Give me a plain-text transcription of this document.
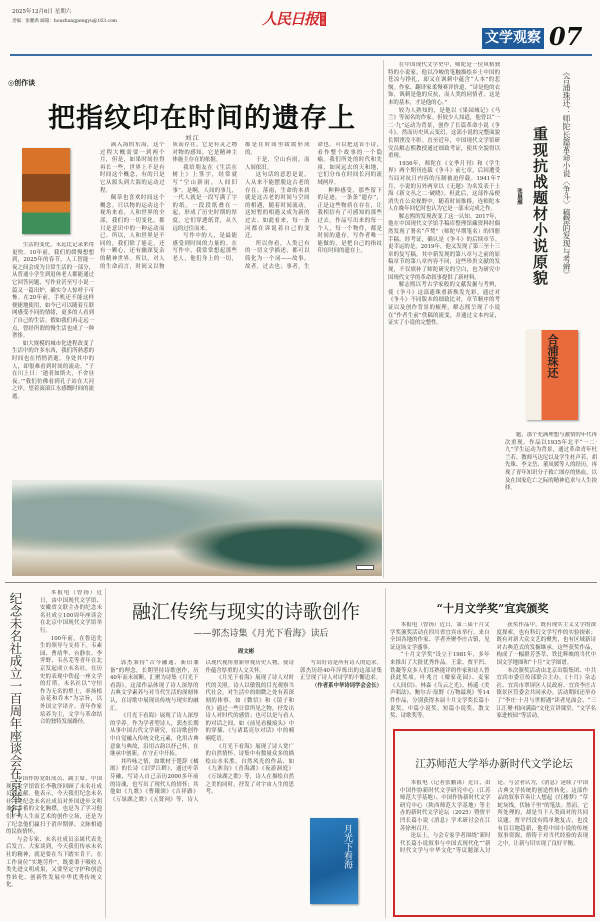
2025年12月6日 星期六
责编：张鹏禹 邮箱：houzhangpengyu@163.com	人民日报 海外版
文学观察 07
◎创作谈
把指纹印在时间的遗存上
刘 江

满入海的东海，这个过程大概需要一到两个月，但是，如果时间拉得再长一些，世界上不是有时间这个概念，有的只是它从源头到大海的运动过程。

佩蒂也喜欢时间这个概念。只以物的运动这个视角来看，人和世界的全部，我们的一切变化，都只是意识中的一种运动而已。所以，人和世界是不同的，我们除了能走，还有一颗心，还有幽深复杂的精神世界。所以，对人的生命而言，时间又以物质而存在，它是有灵之物对物的感知，它是精神主体施主存在的依据。

我给朋友在《生活在树上》上签字，经常就写“空山新雨，人间旧事”。是啊，人间的事儿，一代人就是一段写满了字的纸。一段段纸叠在一起，形成了历史时期的厚度，它们穿透纸背，从久远的过往而来。

写作中的人，是最能感受到时间的力量的。在写作中，我常常想起那些老人，他们身上的一切，都是在时间里缓缓形成的。

于是，空山有雨，而人间依旧。

这句话的意思是说，人从来不能摆脱这古老的存在。落雨，生命的本质就是这古老的时间与空间的相遇，随着时间流动，这短暂的相遇又成为新的过去。如此看来，每一条河都在诉说着自己的变迁。

所以你看，人类已有的一切文学描述，都可以简化为一个词——故事。故者，过去也；事者，生命也。可以把这首小诗，看作整个故事的一个隐喻。我们所处的时代和先祖，如同远去的天和地，它们分布在时间长河的流域两岸。

种种感受，那些留下的足迹，一条条“遗存”，正是这些物质在存在，让我相信有了可感知的那些过去。作品写出来的每一个人，每一个物件，都是时间的遗存，写作者唯一能做的，是把自己的指纹印在时间的遗存上。

生活的变化，永远比记录来得更快。10年前，我们的缓慢想想到，2025年的春节，人工智能一夜之间会成为日常生活的一部分，从普通小学生到退休老人都能通过它回答问题、写作业甚至写小说一篇又一篇出炉，确实令人惊呼于可怖。在20年前，手机还不能这样便捷地使用，如今已可以随着互联网感受不同的情绪，更多的人看到了自己的生活。假如我们再走远一点，曾经所谓的慢生活也成了一种奢侈。

如大规模的城市化进程改变了生活中的许多东西，我们所熟悉的时间也在悄悄消逝。身处其中的人，却很难看到时间的流动。“子在川上曰：‘逝者如斯夫，不舍昼夜。’”我们仿佛看到孔子站在大河之岸，望着滚滚江水感慨时间的流逝。

在中国现代文学史中，师陀是一位风格独特的小说家。他以冷峻的笔触描绘乡土中国的苍凉与挣扎，却又在讽刺中蕴含“人本”的悲悯。作家、翻译家柔慢赛评价道，“诗是他的衣饰，讽刺是他的反抗，而人类的同情者，这是本的基本，才是他的心。”

较为人熟知的，是他以《果园城记》《马兰》等闻名的作家。但较少人知道，他曾以“一二·九”运动为背景，创作了长篇革命小说《争斗》。然而历史风云变幻，这部小说的完整面貌长期湮没不彰。直至近年，中国现代文学馆研究员解志熙教授通过细致考证，使其全貌得以重现。

1936年，师陀在《文季月刊》和《学生界》两个期刊连载《争斗》前七章，后因遭受当局对抗日内容的压制被迫停载。1941年7月，小说的另外两章以《无题》为名发表于上海《新文丛之二·破晓》。但此后，这部作品便消失在公众视野中，随着时间推移，连师陀本人在晚年回忆时也认为它是一部未完成之作。

解志熙的发现改变了这一认知。2017年，他在中国现代文学馆手稿库整理馆藏资料时偶然发现了署名“芦焚”（师陀早期笔名）的四册手稿。经考证，确认是《争斗》的后续章节。更幸运的是，2019年，他又发现了第三至十三章的复写稿。其中新发现的第八章与之前的原稿章节的第八章内容不同，这些珍贵文献的发现，不仅填补了师陀研究的空白，也为研究中国现代文学的革命叙事提供了新材料。

解志熙以考古学家般的文献发掘与考辨，使《争斗》这部遗珠重新焕发光彩。通过对《争斗》不同版本的细致比对，章节顺序的考证以及创作背景的梳理，解志熙呈现了小说在“作者生前”佚稿的流变，并通过文本内证，证实了小说的完整性。

重现抗战题材小说原貌
张晨雁	《合浦珠还：师陀长篇革命小说〈争斗〉稿整的发现与考辨》
合浦珠还

题，那个充满理想与激情的年代再次重现。作品以1935年北平“一二·九”学生运动为背景，通过革命青年杜兰若、教师马达尼以及学生杜声若、胡先珠、李文岳、董凤媛等人的经历，再现了青年知识分子救亡图存的热血，以及在国家危亡之际的精神追求与人生抉择。

纪念未名社成立一百周年座谈会在京举行	本报电（曾扬）近日，由中国现代文学馆、安徽省文联主办的纪念未名社成立100周年座谈会在北京中国现代文学馆举行。

100年前，在鲁迅先生的领导与支持下，韦素园、曹靖华、台静农、李霁野、韦丛芜等青年在北京发起成立未名社。在历史的表现中铁起一座文学的灯塔。未名社以“守恒作为无名的犁土，率扬植杂花和乔木”为宗旨，以外国文学译介、青年作家培养为主，文学与革命结合的独特发展路径。

中国作协党组成员、副主席、中国现代文学馆馆长李敬泽回顾了未名社成员的贡献。他表示，今天我们纪念未名社，是纪念未名社成员对外国进步文明兼容并蓄的文化胸襟，也是为了学习他们扩为人生而艺术的创作立场，还是为了纪念他们赢扫于消岸期弹、文脉相通的民族情怀。

与会专家、未名社成员亲属代表先后发言。大家谈到，今天我们传承未名社的精神，就是要在当下踏实肯干，在工作岗位“实地劳作”，既要秉于吸收人类先进文明成果，又要坚定守护和创造性转化、创新性发展中华优秀传统文化。

融汇传统与现实的诗歌创作
——郭杰诗集《月光下看海》读后
周文彬

郭杰秉持“古今融通、新旧兼备”的理念，长期坚持诗歌创作，历40年而未间断，汇聚为诗集《月光下看海》。这部作品体现了诗人深厚的古典文学素养与对当代生活的深刻体认，在诗歌中展现出传统与现实的融汇。

《月光下看海》展现了诗人深厚的学养。作为学者型诗人，郭杰长期从事中国古代文学研究，在诗歌创作中自觉融入传统文化元素，化用古典意象与典故，沿用古韵以抒己怀，在继承中创新，在守正中开拓。

其吟咏之情，如歌材于楚辞《橘颂》的长诗《汨罗江畔》，通过叶蒂芬融，写诗人自己亲历2000多年前的诗魂，也写出了现代人的情怀；其他如《九歌》《曹娥颂》《吉祥路》《万绿湖之歌》《五贤祠》等，诗人以现代视角重新审视历史人物，使诗作蕴含厚重的人文关怀。

《月光下看海》展现了诗人对时代的关照。诗人以敏锐的目光观察当代社会，对生活中的细微之处有着深刻的体察。如《微信》和《镜子和鱼》通过一些日常所见之物，抒发出诗人对时代的感悟；也可以是与看人的对话之间，如《前见看摄痕头》中的穿插、《与诸葛亮尔对话》中的喃喃呓语。

《月光下看海》展现了诗人宽广的自然情怀。诗集中有数量众多的描绘山水名胜、自然风光的作品，如《九寨沟》《青海湖》《夜游洞庭》《万绿湖之歌》等，诗人在描绘自然之美的同时，抒发了对宇宙人生的思考。

写出好诗是所有诗人的追求。郭杰历经40年淬炼出的这部诗集正呈现了诗人对诗学的不懈追求。

（作者系中华诗词学会会长）

月光下看海
“十月文学奖”宜宾颁奖

本报电（曾扬）近日，第三届十月文学奖颁奖活动在四川省宜宾市举行。来自全国各地的作家、学者齐聚李庄古镇，见证这场文学盛事。

“十月文学奖”设立于1981年，多年来推出了大批优秀作品。王蒙、贾平凹、铁凝等众多人们耳熟能详的作家和诗人曾获此奖项。叶兆言《璩家花园》、麦家《人间信》、林森《乌云之光》、杨遥《美声唱法》、鲍尔吉·原野《万物最现》等14件作品，分别获得本届十月文学奖长篇小说奖、中篇小说奖、短篇小说奖、散文奖、诗歌奖等。

获奖作品中，既有现实主义文学的深度探索，也有科幻文学写作的实验探索；既有对新大众文艺的聚焦，也有区域新诗对古典范式的发掘继承。这些获奖作品，构成了一幅群芳荟萃、铁比辉映的当代中国文学地图和“十月”文学图谱。

本次颁奖活动由北京出版集团、中共宜宾市委宣传部联合主办，《十月》杂志社、宜宾市翠屏区人民政府、宜宾李庄古镇景区管委会共同承办。活动期间还举办了“李庄·十月与世相遇”读者见面会、“三江汇聚·相向满溢”文化宣讲课堂、“文学名家进校园”等活动。

江苏师范大学举办新时代文学论坛

本报电（记者张鹏禹）近日，由中国作协新时代文学研究中心（江苏师范大学基地）、中国作协新时代文学研究中心（陕西师范大学基地）等主办的新时代文学论坛（2025）暨贾平凹长篇小说《消息》学术研讨会在江苏徐州召开。

论坛上，与会专家学者围绕“新时代长篇小说叙事与中国式现代化”“新时代文学与中华文化”等议题深入讨论。与会者认为，《消息》延续了中国古典文学传统的创造性转化。这部作品的叙事节奏让人想起《红楼梦》“草蛇灰线，伏脉千里”的笔法。然而，它所处理的，却是当下人类面对的共同议题。贾平凹没有简单地复古，也没有盲目地趋新，他将中国小说的传统叙事资源，熔铸于对当代经验的表现之中，让新与旧实现了良好平衡。
